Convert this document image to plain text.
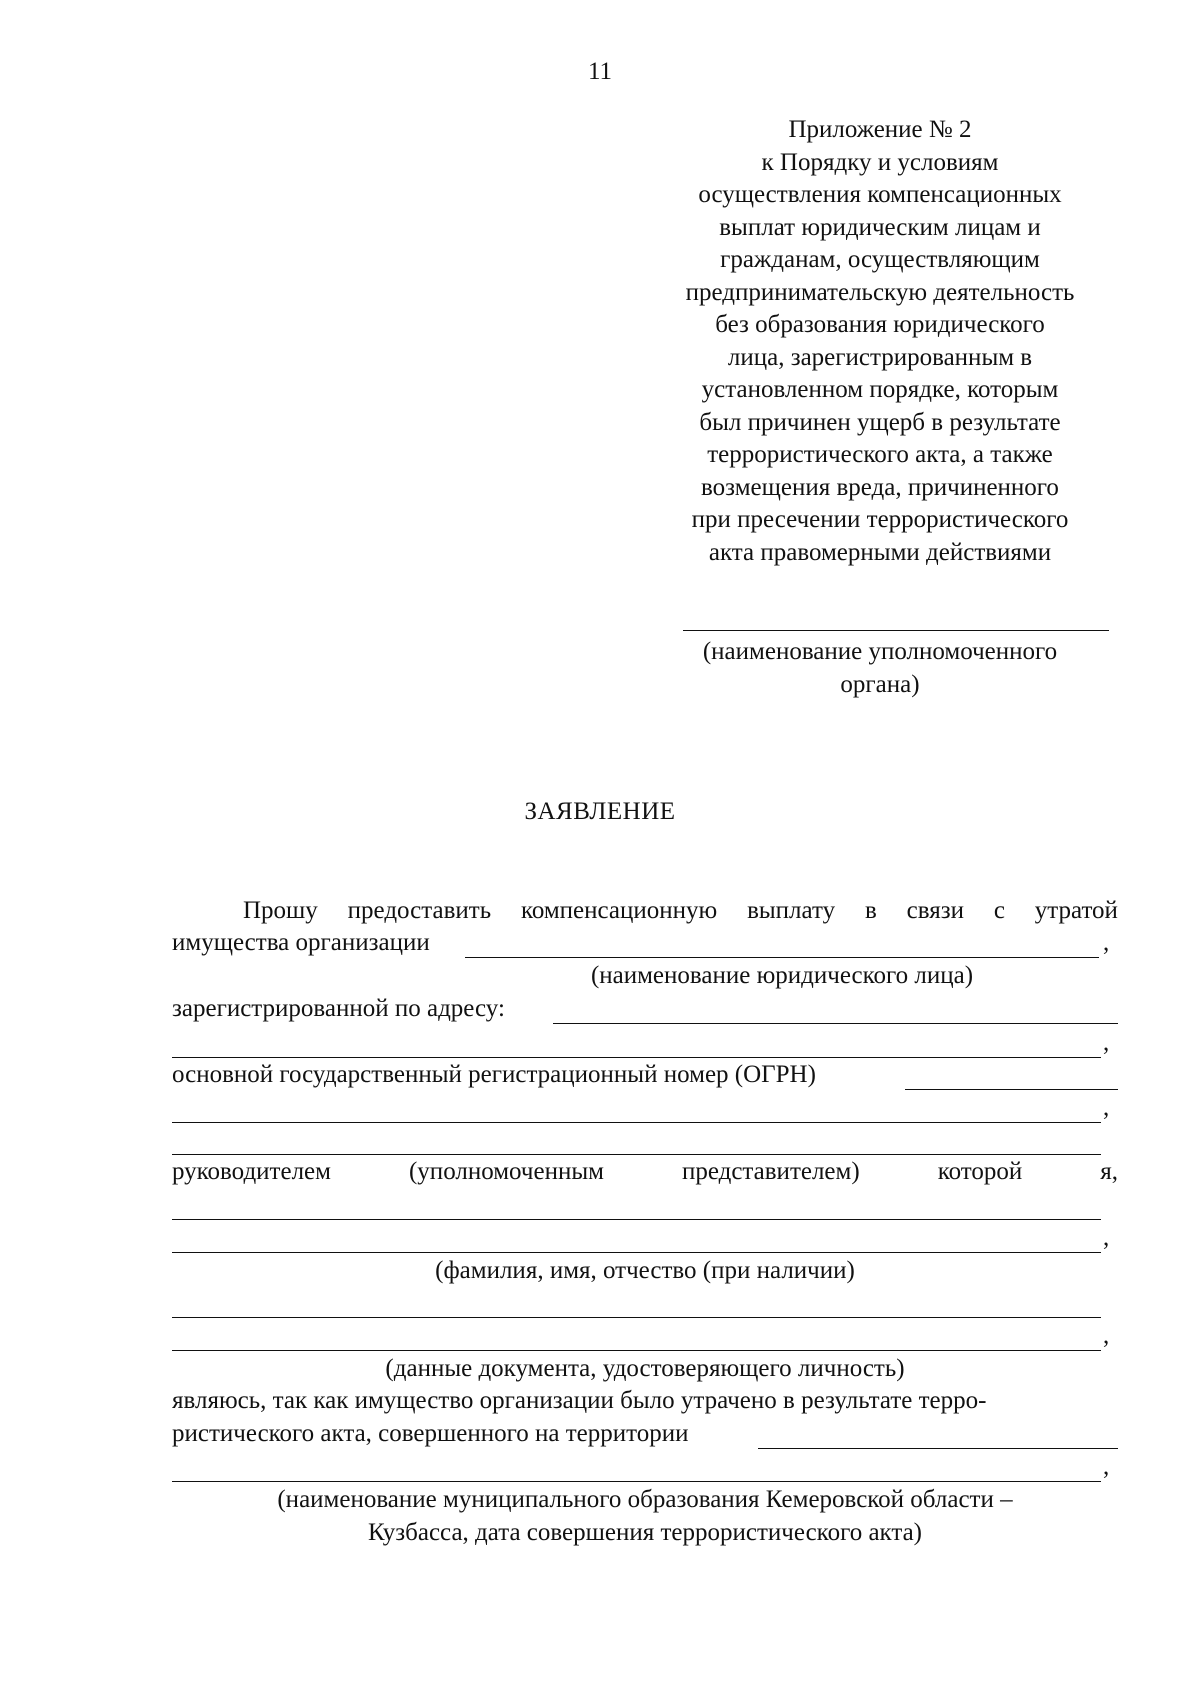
11
Приложение № 2
к Порядку и условиям
осуществления компенсационных
выплат юридическим лицам и
гражданам, осуществляющим
предпринимательскую деятельность
без образования юридического
лица, зарегистрированным в
установленном порядке, которым
был причинен ущерб в результате
террористического акта, а также
возмещения вреда, причиненного
при пресечении террористического
акта правомерными действиями
(наименование уполномоченного
органа)
ЗАЯВЛЕНИЕ
Прошу предоставить компенсационную выплату в связи с утратой
имущества организации	,
(наименование юридического лица)
зарегистрированной по адресу:
,
основной государственный регистрационный номер (ОГРН)
,
руководителем	(уполномоченным	представителем)	которой	я,
,
(фамилия, имя, отчество (при наличии)
,
(данные документа, удостоверяющего личность)
являюсь, так как имущество организации было утрачено в результате терро-
ристического акта, совершенного на территории
,
(наименование муниципального образования Кемеровской области –
Кузбасса, дата совершения террористического акта)
